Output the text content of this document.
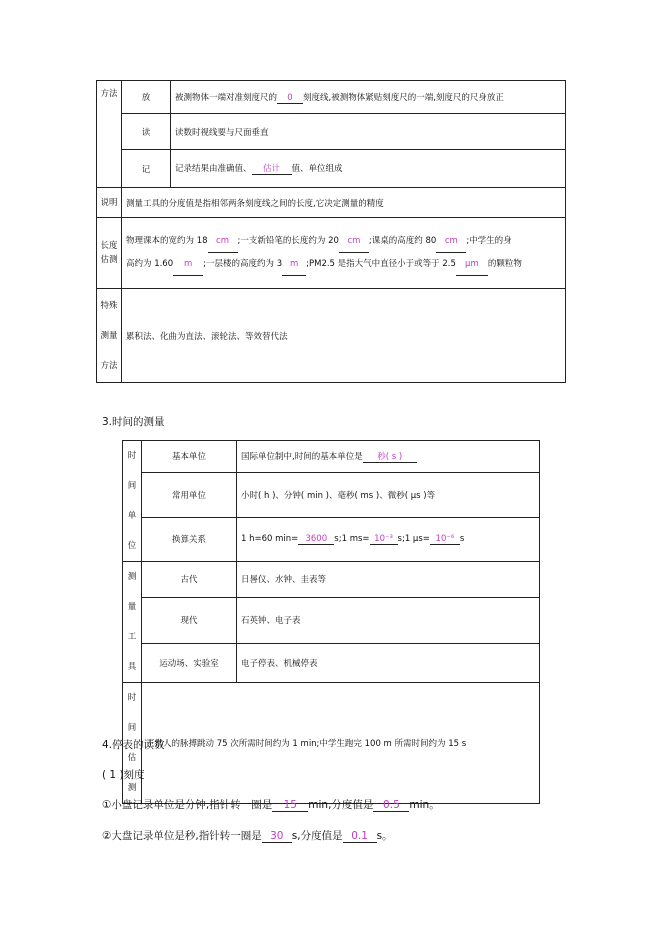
方法	放	被测物体一端对准刻度尺的 0 刻度线,被测物体紧贴刻度尺的一端,刻度尺的尺身放正
	读	读数时视线要与尺面垂直
	记	记录结果由准确值、 估计 值、单位组成
说明	测量工具的分度值是指相邻两条刻度线之间的长度,它决定测量的精度	
长度估测	物理课本的宽约为 18 cm ;一支新铅笔的长度约为 20 cm ;课桌的高度约 80 cm ;中学生的身
高约为 1.60 m ;一层楼的高度约为 3 m ;PM2.5 是指大气中直径小于或等于 2.5 μm 的颗粒物	

特殊测量方法	累积法、化曲为直法、滚轮法、等效替代法	
3.时间的测量
时间单位	基本单位	国际单位制中,时间的基本单位是 秒( s )
	常用单位	小时( h )、分钟( min )、毫秒( ms )、微秒( μs )等
	换算关系	1 h=60 min= 3600 s;1 ms= 10⁻³ s;1 μs= 10⁻⁶ s
测量工具	古代	日晷仪、水钟、圭表等
	现代	石英钟、电子表
	运动场、实验室	电子停表、机械停表
时间估测	正常人的脉搏跳动 75 次所需时间约为 1 min;中学生跑完 100 m 所需时间约为 15 s	
4.停表的读数
( 1 )刻度
①小盘记录单位是分钟,指针转一圈是 15 min,分度值是 0.5 min。
②大盘记录单位是秒,指针转一圈是 30 s,分度值是 0.1 s。
